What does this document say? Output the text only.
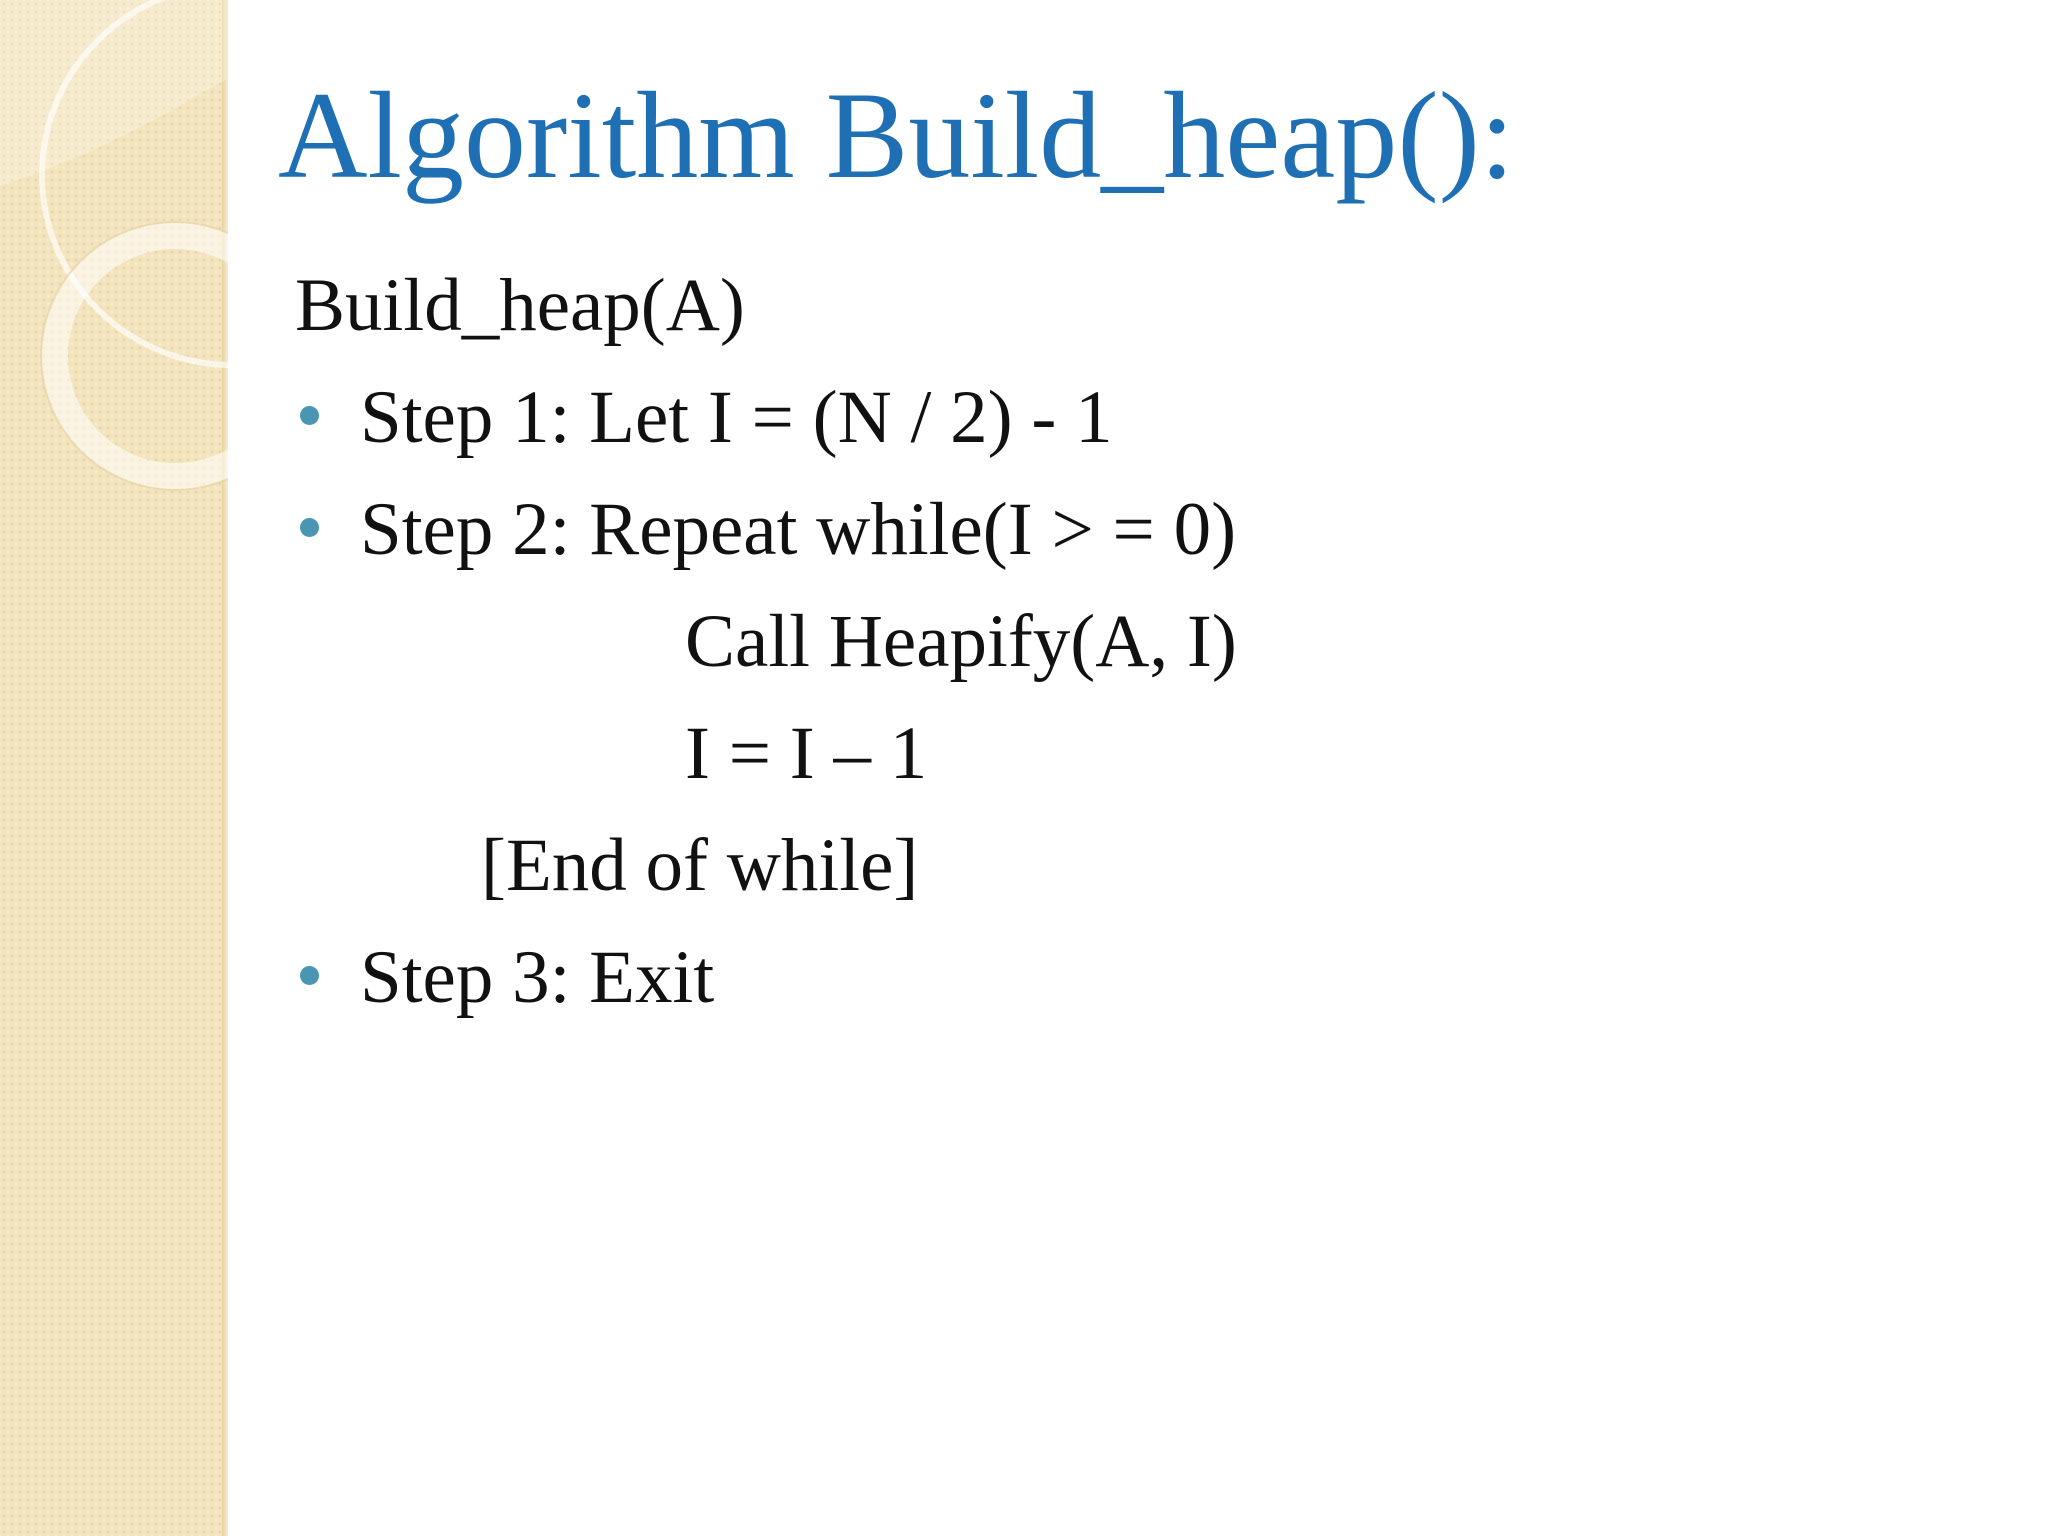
Algorithm Build_heap():

Build_heap(A)

Step 1: Let I = (N / 2) - 1

Step 2: Repeat while(I > = 0)

Call Heapify(A, I)

I = I – 1

[End of while]

Step 3: Exit
